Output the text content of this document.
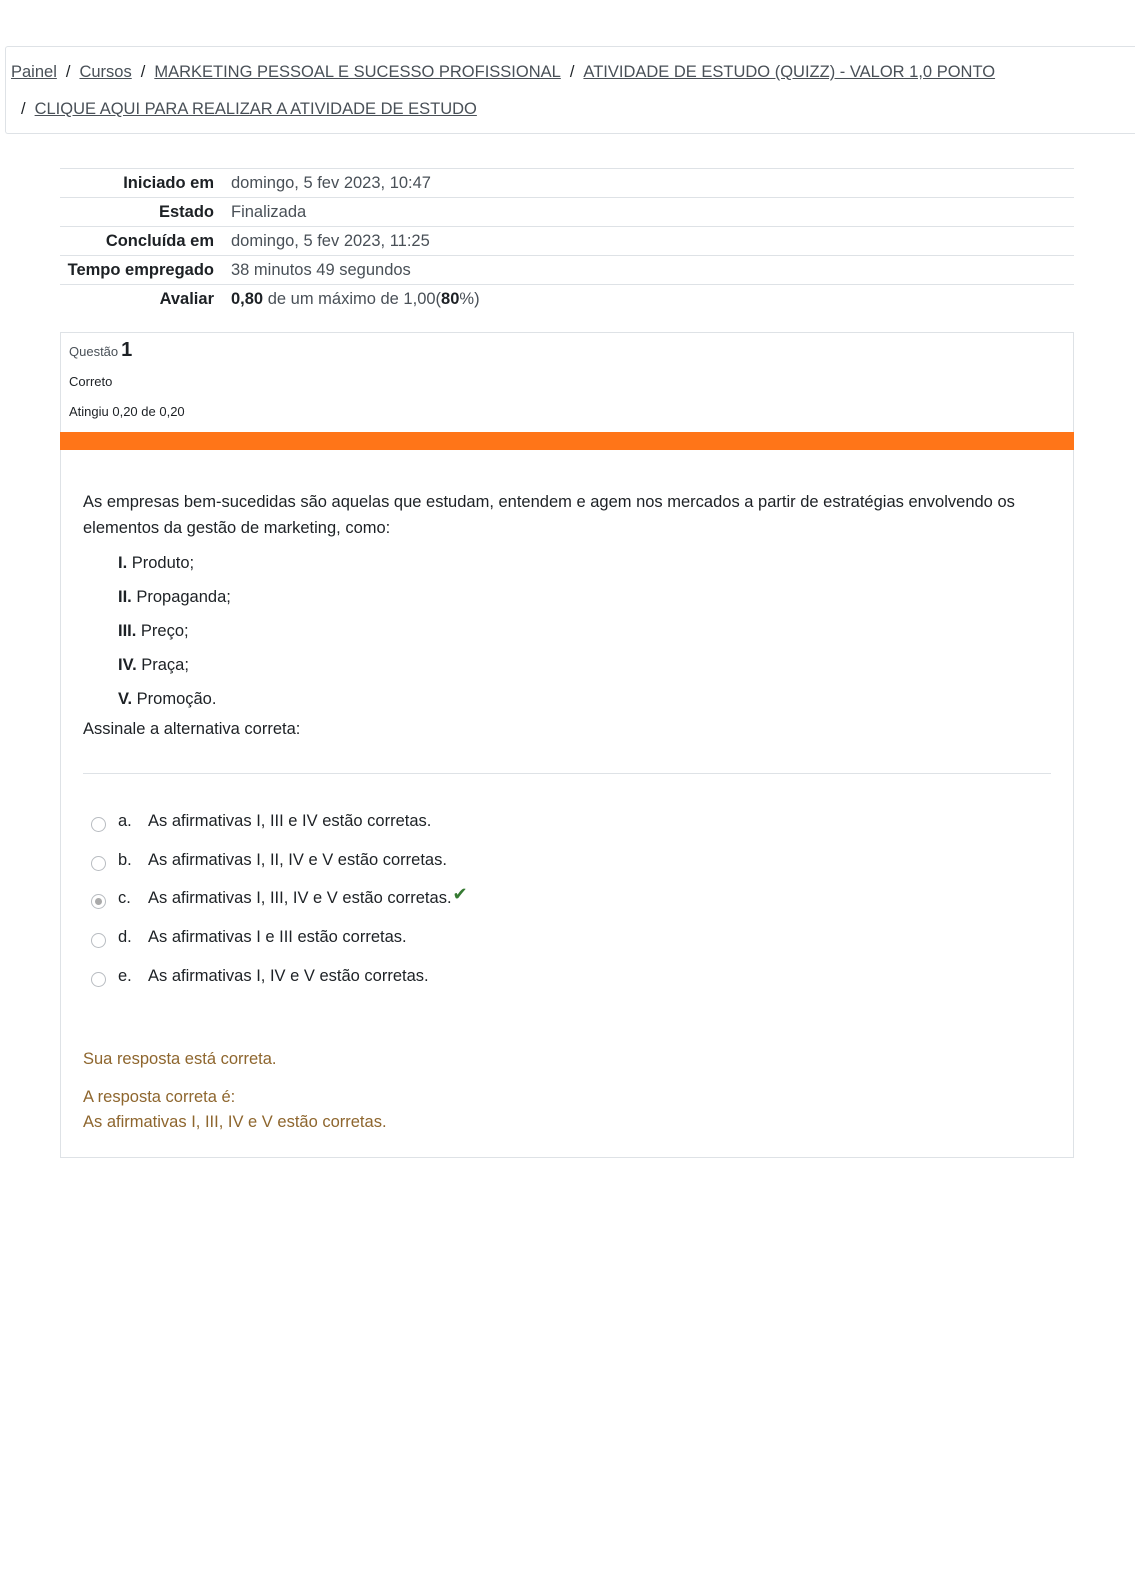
Painel / Cursos / MARKETING PESSOAL E SUCESSO PROFISSIONAL / ATIVIDADE DE ESTUDO (QUIZZ) - VALOR 1,0 PONTO
/ CLIQUE AQUI PARA REALIZAR A ATIVIDADE DE ESTUDO
Iniciado em	domingo, 5 fev 2023, 10:47
Estado	Finalizada
Concluída em	domingo, 5 fev 2023, 11:25
Tempo empregado	38 minutos 49 segundos
Avaliar	0,80 de um máximo de 1,00(80%)
Questão 1
Correto
Atingiu 0,20 de 0,20
As empresas bem-sucedidas são aquelas que estudam, entendem e agem nos mercados a partir de estratégias envolvendo os elementos da gestão de marketing, como:
I. Produto;
II. Propaganda;
III. Preço;
IV. Praça;
V. Promoção.
Assinale a alternativa correta:
a. As afirmativas I, III e IV estão corretas.
b. As afirmativas I, II, IV e V estão corretas.
c.	As afirmativas I, III, IV e V estão corretas. ✔
d. As afirmativas I e III estão corretas.
e. As afirmativas I, IV e V estão corretas.
Sua resposta está correta.
A resposta correta é:
As afirmativas I, III, IV e V estão corretas.
